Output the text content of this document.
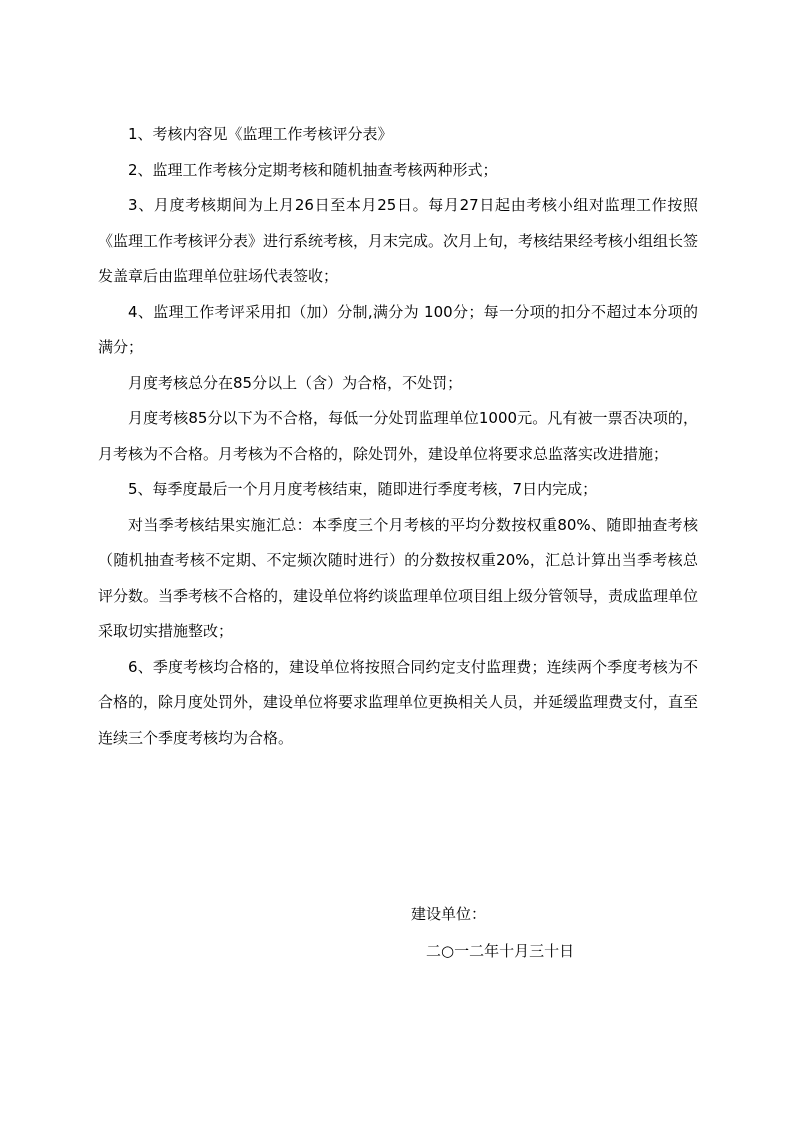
1、考核内容见《监理工作考核评分表》

2、监理工作考核分定期考核和随机抽查考核两种形式；

3、月度考核期间为上月26日至本月25日。每月27日起由考核小组对监理工作按照《监理工作考核评分表》进行系统考核，月末完成。次月上旬，考核结果经考核小组组长签发盖章后由监理单位驻场代表签收；

4、监理工作考评采用扣（加）分制,满分为 100分；每一分项的扣分不超过本分项的满分；

月度考核总分在85分以上（含）为合格，不处罚；

月度考核85分以下为不合格，每低一分处罚监理单位1000元。凡有被一票否决项的，月考核为不合格。月考核为不合格的，除处罚外，建设单位将要求总监落实改进措施；

5、每季度最后一个月月度考核结束，随即进行季度考核，7日内完成；

对当季考核结果实施汇总：本季度三个月考核的平均分数按权重80%、随即抽查考核（随机抽查考核不定期、不定频次随时进行）的分数按权重20%，汇总计算出当季考核总评分数。当季考核不合格的，建设单位将约谈监理单位项目组上级分管领导，责成监理单位采取切实措施整改；

6、季度考核均合格的，建设单位将按照合同约定支付监理费；连续两个季度考核为不合格的，除月度处罚外，建设单位将要求监理单位更换相关人员，并延缓监理费支付，直至连续三个季度考核均为合格。

建设单位：

二○一二年十月三十日
